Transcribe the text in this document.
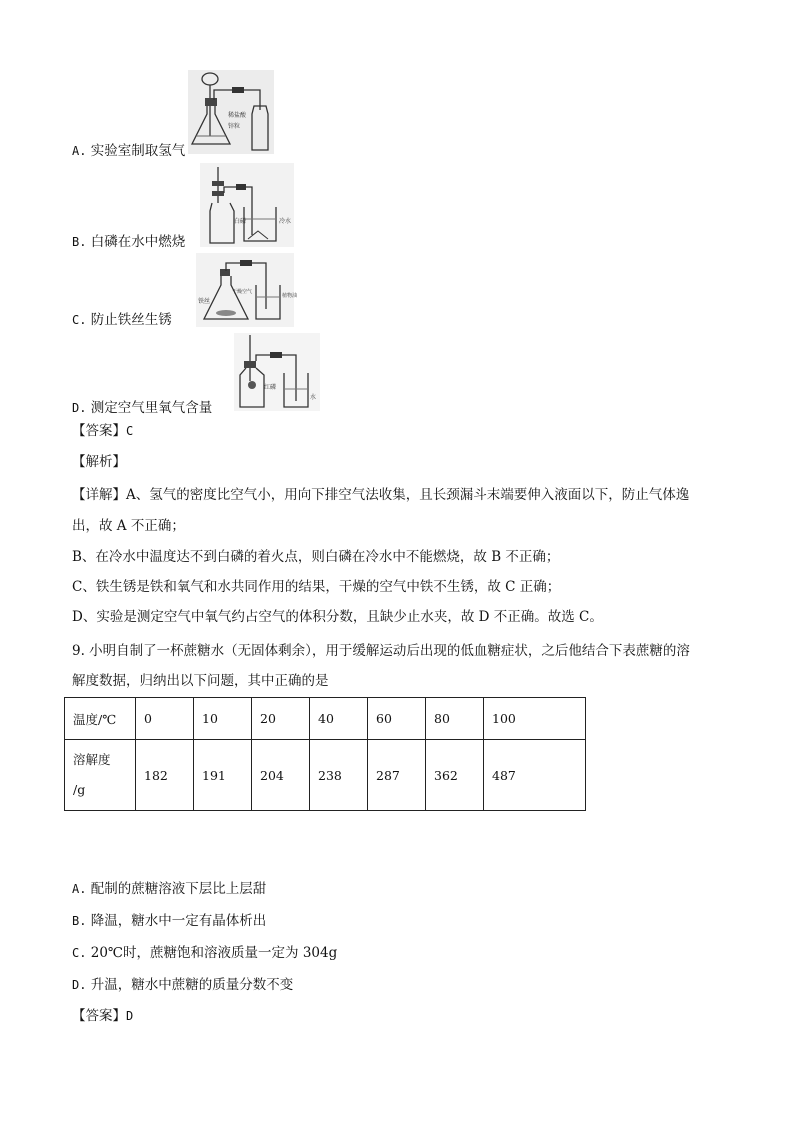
稀盐酸
锌粒
A. 实验室制取氢气
白磷	冷水
B. 白磷在水中燃烧
铁丝
干燥空气
植物油
C. 防止铁丝生锈
红磷
水
D. 测定空气里氧气含量
【答案】C
【解析】
【详解】A、氢气的密度比空气小，用向下排空气法收集，且长颈漏斗末端要伸入液面以下，防止气体逸
出，故 A 不正确；
B、在冷水中温度达不到白磷的着火点，则白磷在冷水中不能燃烧，故 B 不正确；
C、铁生锈是铁和氧气和水共同作用的结果，干燥的空气中铁不生锈，故 C 正确；
D、实验是测定空气中氧气约占空气的体积分数，且缺少止水夹，故 D 不正确。故选 C。
9. 小明自制了一杯蔗糖水（无固体剩余），用于缓解运动后出现的低血糖症状，之后他结合下表蔗糖的溶
解度数据，归纳出以下问题，其中正确的是
温度/℃	0	10	20	40	60	80	100
溶解度
/g	182	191	204	238	287	362	487
A. 配制的蔗糖溶液下层比上层甜
B. 降温，糖水中一定有晶体析出
C. 20℃时，蔗糖饱和溶液质量一定为 304g
D. 升温，糖水中蔗糖的质量分数不变
【答案】D
